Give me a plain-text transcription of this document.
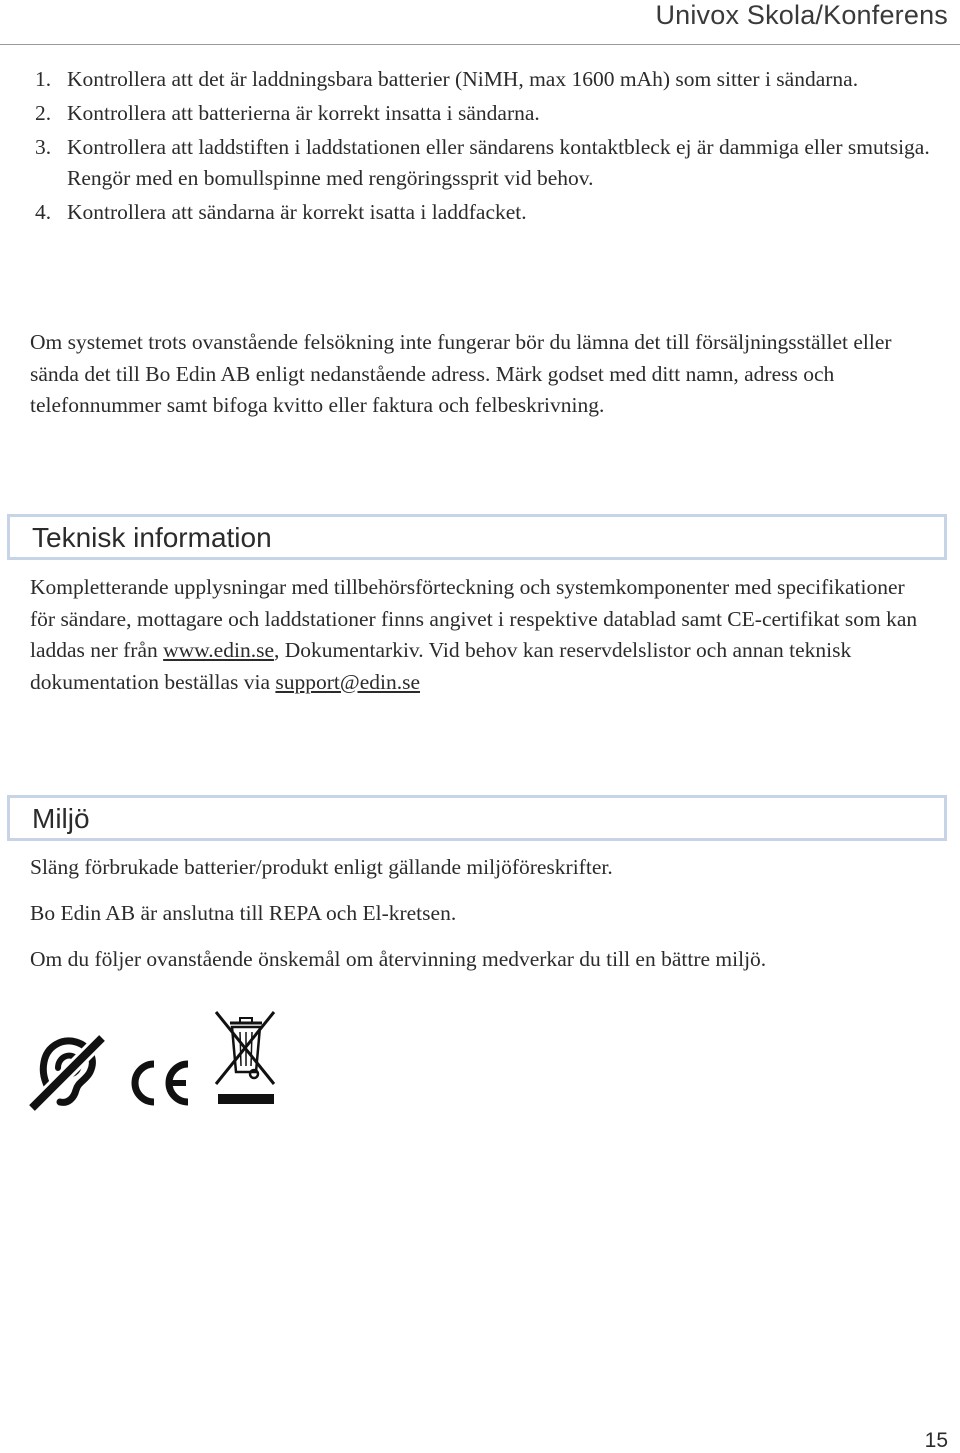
Univox Skola/Konferens
1. Kontrollera att det är laddningsbara batterier (NiMH, max 1600 mAh) som sitter i sändarna.
2. Kontrollera att batterierna är korrekt insatta i sändarna.
3. Kontrollera att laddstiften i laddstationen eller sändarens kontaktbleck ej är dammiga eller smutsiga. Rengör med en bomullspinne med rengöringssprit vid behov.
4. Kontrollera att sändarna är korrekt isatta i laddfacket.

Om systemet trots ovanstående felsökning inte fungerar bör du lämna det till försäljningsstället eller sända det till Bo Edin AB enligt nedanstående adress. Märk godset med ditt namn, adress och telefonnummer samt bifoga kvitto eller faktura och felbeskrivning.

Teknisk information

Kompletterande upplysningar med tillbehörsförteckning och systemkomponenter med specifikationer för sändare, mottagare och laddstationer finns angivet i respektive datablad samt CE-certifikat som kan laddas ner från www.edin.se, Dokumentarkiv. Vid behov kan reservdelslistor och annan teknisk dokumentation beställas via support@edin.se

Miljö

Släng förbrukade batterier/produkt enligt gällande miljöföreskrifter.

Bo Edin AB är anslutna till REPA och El-kretsen.

Om du följer ovanstående önskemål om återvinning medverkar du till en bättre miljö.

15
